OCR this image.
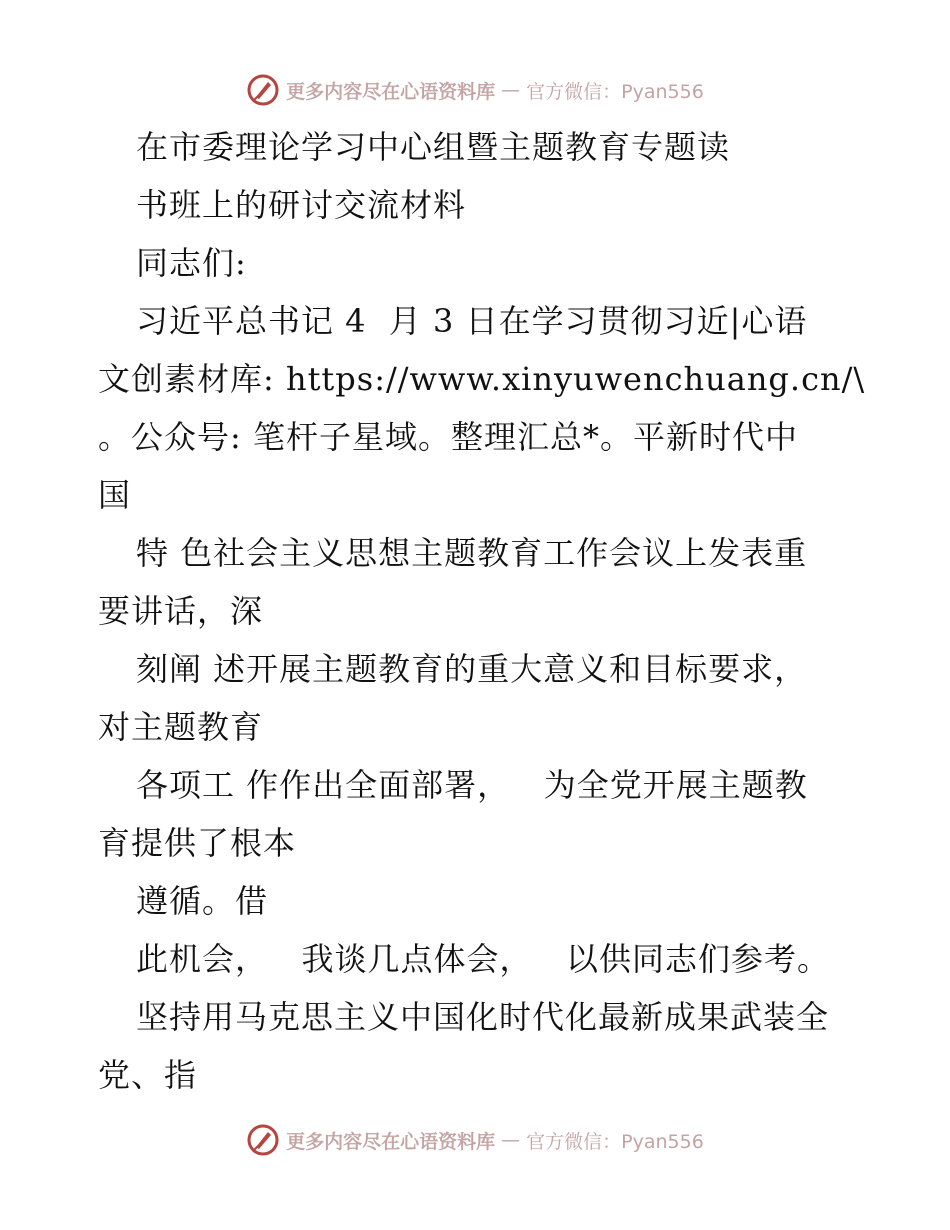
更多内容尽在心语资料库 — 官方微信：Pyan556
在市委理论学习中心组暨主题教育专题读
书班上的研讨交流材料
同志们:
习近平总书记 4  月 3 日在学习贯彻习近|心语
文创素材库: https://www.xinyuwenchuang.cn/\
。公众号: 笔杆子星域。整理汇总*。平新时代中
国
特 色社会主义思想主题教育工作会议上发表重
要讲话，深
刻阐 述开展主题教育的重大意义和目标要求，
对主题教育
各项工 作作出全面部署，   为全党开展主题教
育提供了根本
遵循。借
此机会，   我谈几点体会，   以供同志们参考。
坚持用马克思主义中国化时代化最新成果武装全
党、指
更多内容尽在心语资料库 — 官方微信：Pyan556
